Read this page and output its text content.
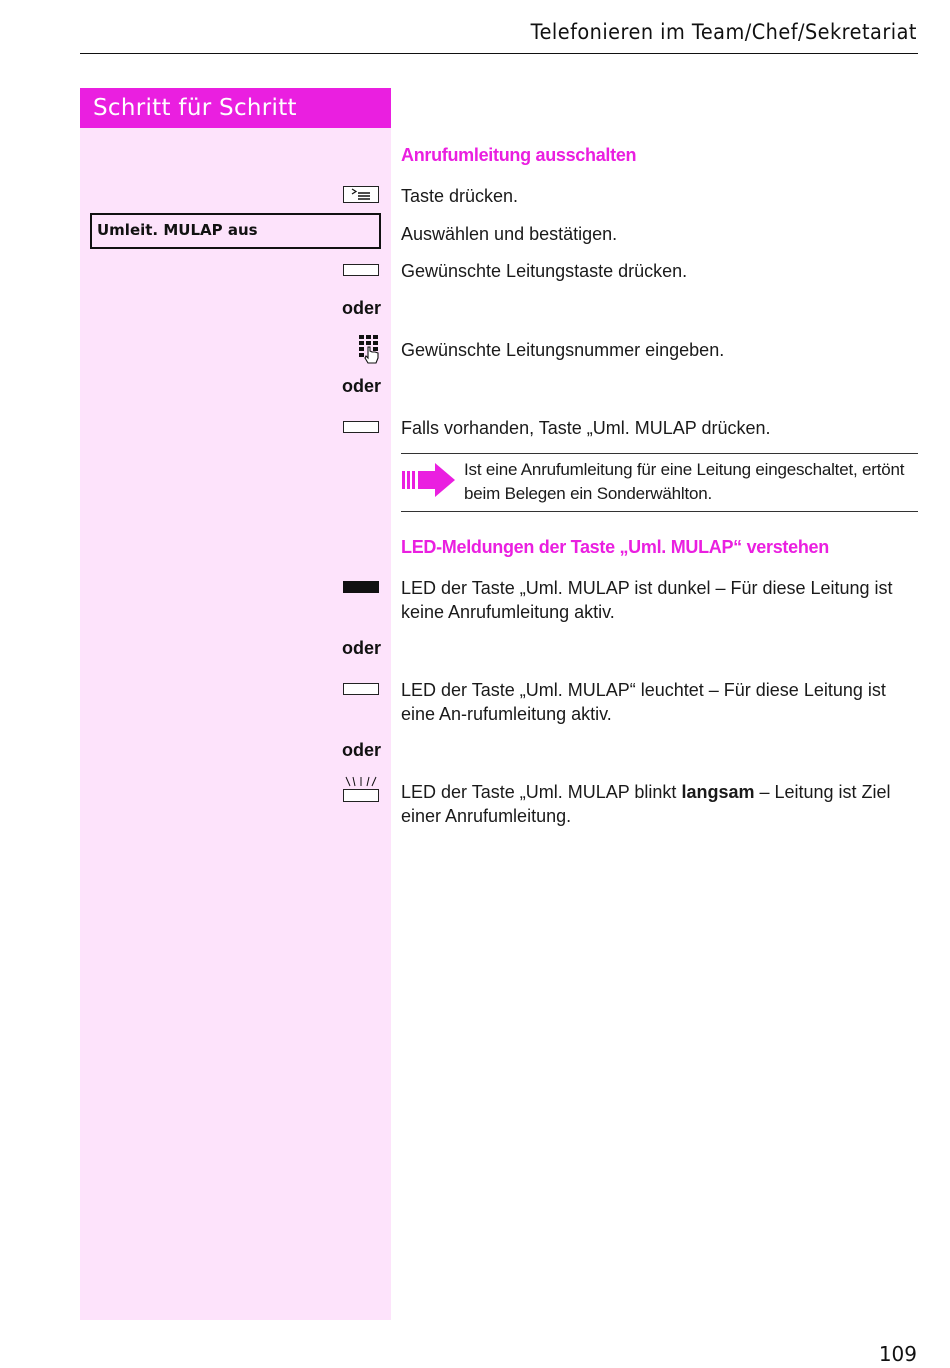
Telefonieren im Team/Chef/Sekretariat
Schritt für Schritt
Anrufumleitung ausschalten
Taste drücken.
Umleit. MULAP aus	Auswählen und bestätigen.
Gewünschte Leitungstaste drücken.
oder
Gewünschte Leitungsnummer eingeben.
oder
Falls vorhanden, Taste „Uml. MULAP drücken.
Ist eine Anrufumleitung für eine Leitung eingeschaltet, ertönt beim Belegen ein Sonderwählton.
LED-Meldungen der Taste „Uml. MULAP“ verstehen
LED der Taste „Uml. MULAP ist dunkel – Für diese Leitung ist keine Anrufumleitung aktiv.
oder
LED der Taste „Uml. MULAP“ leuchtet – Für diese Leitung ist eine An-rufumleitung aktiv.
oder
LED der Taste „Uml. MULAP blinkt langsam – Leitung ist Ziel einer Anrufumleitung.
109
